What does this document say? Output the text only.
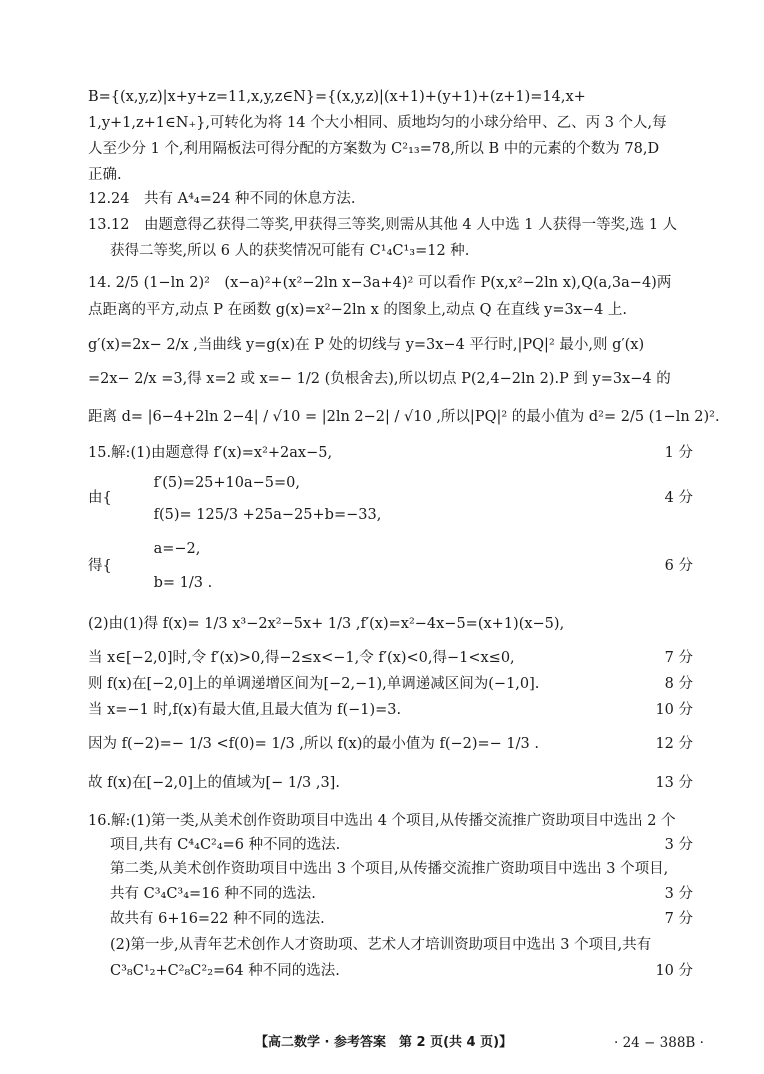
B={(x,y,z)|x+y+z=11,x,y,z∈N}={(x,y,z)|(x+1)+(y+1)+(z+1)=14,x+
1,y+1,z+1∈N₊},可转化为将 14 个大小相同、质地均匀的小球分给甲、乙、丙 3 个人,每
人至少分 1 个,利用隔板法可得分配的方案数为 C²₁₃=78,所以 B 中的元素的个数为 78,D
正确.
12.24　共有 A⁴₄=24 种不同的休息方法.
13.12　由题意得乙获得二等奖,甲获得三等奖,则需从其他 4 人中选 1 人获得一等奖,选 1 人
获得二等奖,所以 6 人的获奖情况可能有 C¹₄C¹₃=12 种.
14. 2/5 (1−ln 2)²　(x−a)²+(x²−2ln x−3a+4)² 可以看作 P(x,x²−2ln x),Q(a,3a−4)两
点距离的平方,动点 P 在函数 g(x)=x²−2ln x 的图象上,动点 Q 在直线 y=3x−4 上.
g′(x)=2x− 2/x ,当曲线 y=g(x)在 P 处的切线与 y=3x−4 平行时,|PQ|² 最小,则 g′(x)
=2x− 2/x =3,得 x=2 或 x=− 1/2 (负根舍去),所以切点 P(2,4−2ln 2).P 到 y=3x−4 的
距离 d= |6−4+2ln 2−4| / √10 = |2ln 2−2| / √10 ,所以|PQ|² 的最小值为 d²= 2/5 (1−ln 2)².
15.解:(1)由题意得 f′(x)=x²+2ax−5,	1 分
　　 f′(5)=25+10a−5=0,
由{	4 分
　　 f(5)= 125/3 +25a−25+b=−33,
　　 a=−2,
得{	6 分
　　 b= 1/3 .
(2)由(1)得 f(x)= 1/3 x³−2x²−5x+ 1/3 ,f′(x)=x²−4x−5=(x+1)(x−5),
当 x∈[−2,0]时,令 f′(x)>0,得−2≤x<−1,令 f′(x)<0,得−1<x≤0,	7 分
则 f(x)在[−2,0]上的单调递增区间为[−2,−1),单调递减区间为(−1,0].	8 分
当 x=−1 时,f(x)有最大值,且最大值为 f(−1)=3.	10 分
因为 f(−2)=− 1/3 <f(0)= 1/3 ,所以 f(x)的最小值为 f(−2)=− 1/3 .	12 分
故 f(x)在[−2,0]上的值域为[− 1/3 ,3].	13 分
16.解:(1)第一类,从美术创作资助项目中选出 4 个项目,从传播交流推广资助项目中选出 2 个
项目,共有 C⁴₄C²₄=6 种不同的选法.	3 分
第二类,从美术创作资助项目中选出 3 个项目,从传播交流推广资助项目中选出 3 个项目,
共有 C³₄C³₄=16 种不同的选法.	3 分
故共有 6+16=22 种不同的选法.	7 分
(2)第一步,从青年艺术创作人才资助项、艺术人才培训资助项目中选出 3 个项目,共有
C³₈C¹₂+C²₈C²₂=64 种不同的选法.	10 分
【高二数学 · 参考答案　第 2 页(共 4 页)】	· 24 − 388B ·
